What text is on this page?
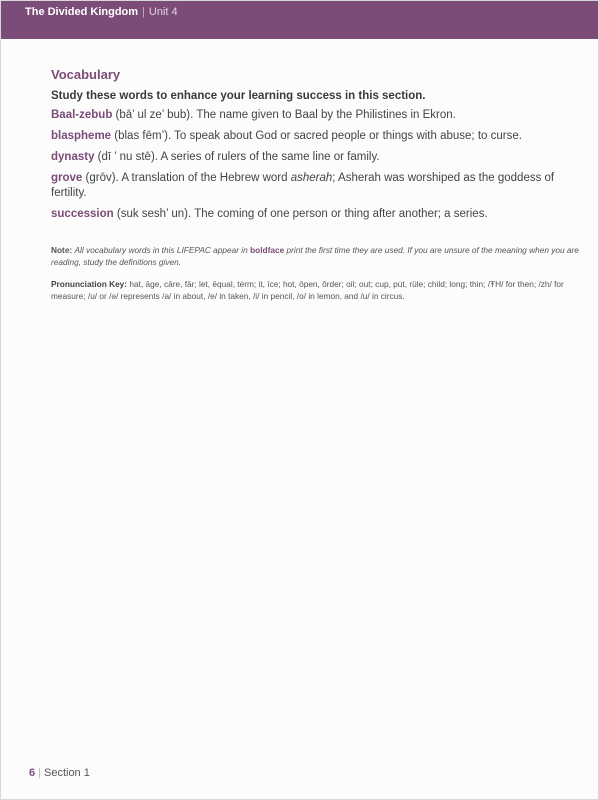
The Divided Kingdom | Unit 4
Vocabulary
Study these words to enhance your learning success in this section.
Baal-zebub (bā’ ul ze’ bub). The name given to Baal by the Philistines in Ekron.
blaspheme (blas fēm’). To speak about God or sacred people or things with abuse; to curse.
dynasty (dī ’ nu stē). A series of rulers of the same line or family.
grove (grōv). A translation of the Hebrew word asherah; Asherah was worshiped as the goddess of fertility.
succession (suk sesh’ un). The coming of one person or thing after another; a series.
Note: All vocabulary words in this LIFEPAC appear in boldface print the first time they are used. If you are unsure of the meaning when you are reading, study the definitions given.
Pronunciation Key: hat, āge, cāre, fār; let, ēqual, tėrm; it, īce; hot, ōpen, ôrder; oil; out; cup, pu̇t, rüle; child; long; thin; /ŦH/ for then; /zh/ for measure; /u/ or /ə/ represents /a/ in about, /e/ in taken, /i/ in pencil, /o/ in lemon, and /u/ in circus.
6 | Section 1
